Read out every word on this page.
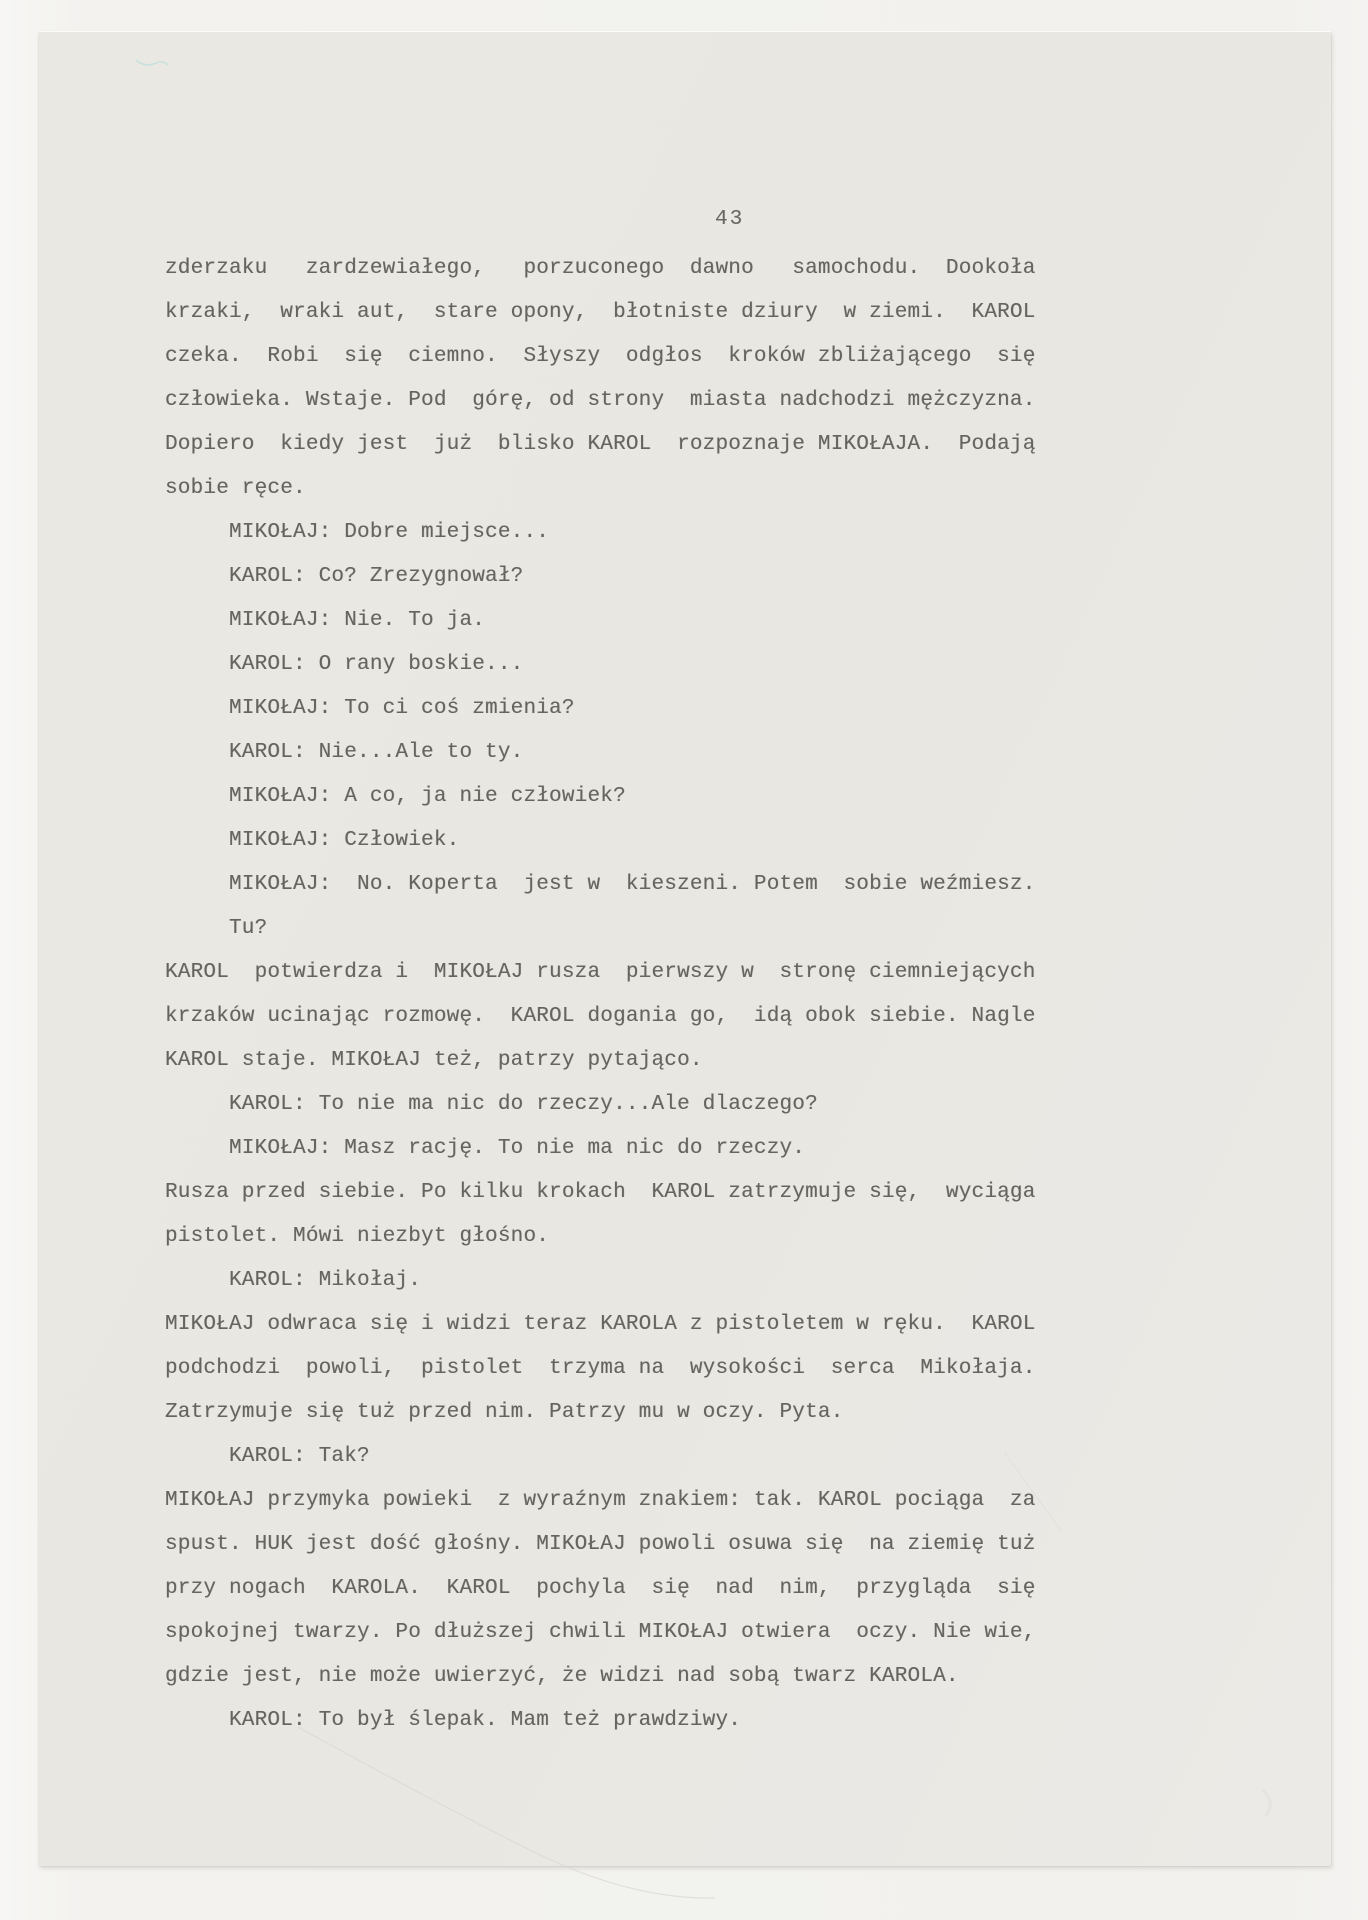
43
zderzaku   zardzewiałego,   porzuconego  dawno   samochodu.  Dookoła
krzaki,  wraki aut,  stare opony,  błotniste dziury  w ziemi.  KAROL
czeka.  Robi  się  ciemno.  Słyszy  odgłos  kroków zbliżającego  się
człowieka. Wstaje. Pod  górę, od strony  miasta nadchodzi mężczyzna.
Dopiero  kiedy jest  już  blisko KAROL  rozpoznaje MIKOŁAJA.  Podają
sobie ręce.
MIKOŁAJ: Dobre miejsce...
KAROL: Co? Zrezygnował?
MIKOŁAJ: Nie. To ja.
KAROL: O rany boskie...
MIKOŁAJ: To ci coś zmienia?
KAROL: Nie...Ale to ty.
MIKOŁAJ: A co, ja nie człowiek?
MIKOŁAJ: Człowiek.
MIKOŁAJ:  No. Koperta  jest w  kieszeni. Potem  sobie weźmiesz.
Tu?
KAROL  potwierdza i  MIKOŁAJ rusza  pierwszy w  stronę ciemniejących
krzaków ucinając rozmowę.  KAROL dogania go,  idą obok siebie. Nagle
KAROL staje. MIKOŁAJ też, patrzy pytająco.
KAROL: To nie ma nic do rzeczy...Ale dlaczego?
MIKOŁAJ: Masz rację. To nie ma nic do rzeczy.
Rusza przed siebie. Po kilku krokach  KAROL zatrzymuje się,  wyciąga
pistolet. Mówi niezbyt głośno.
KAROL: Mikołaj.
MIKOŁAJ odwraca się i widzi teraz KAROLA z pistoletem w ręku.  KAROL
podchodzi  powoli,  pistolet  trzyma na  wysokości  serca  Mikołaja.
Zatrzymuje się tuż przed nim. Patrzy mu w oczy. Pyta.
KAROL: Tak?
MIKOŁAJ przymyka powieki  z wyraźnym znakiem: tak. KAROL pociąga  za
spust. HUK jest dość głośny. MIKOŁAJ powoli osuwa się  na ziemię tuż
przy nogach  KAROLA.  KAROL  pochyla  się  nad  nim,  przygląda  się
spokojnej twarzy. Po dłuższej chwili MIKOŁAJ otwiera  oczy. Nie wie,
gdzie jest, nie może uwierzyć, że widzi nad sobą twarz KAROLA.
KAROL: To był ślepak. Mam też prawdziwy.
